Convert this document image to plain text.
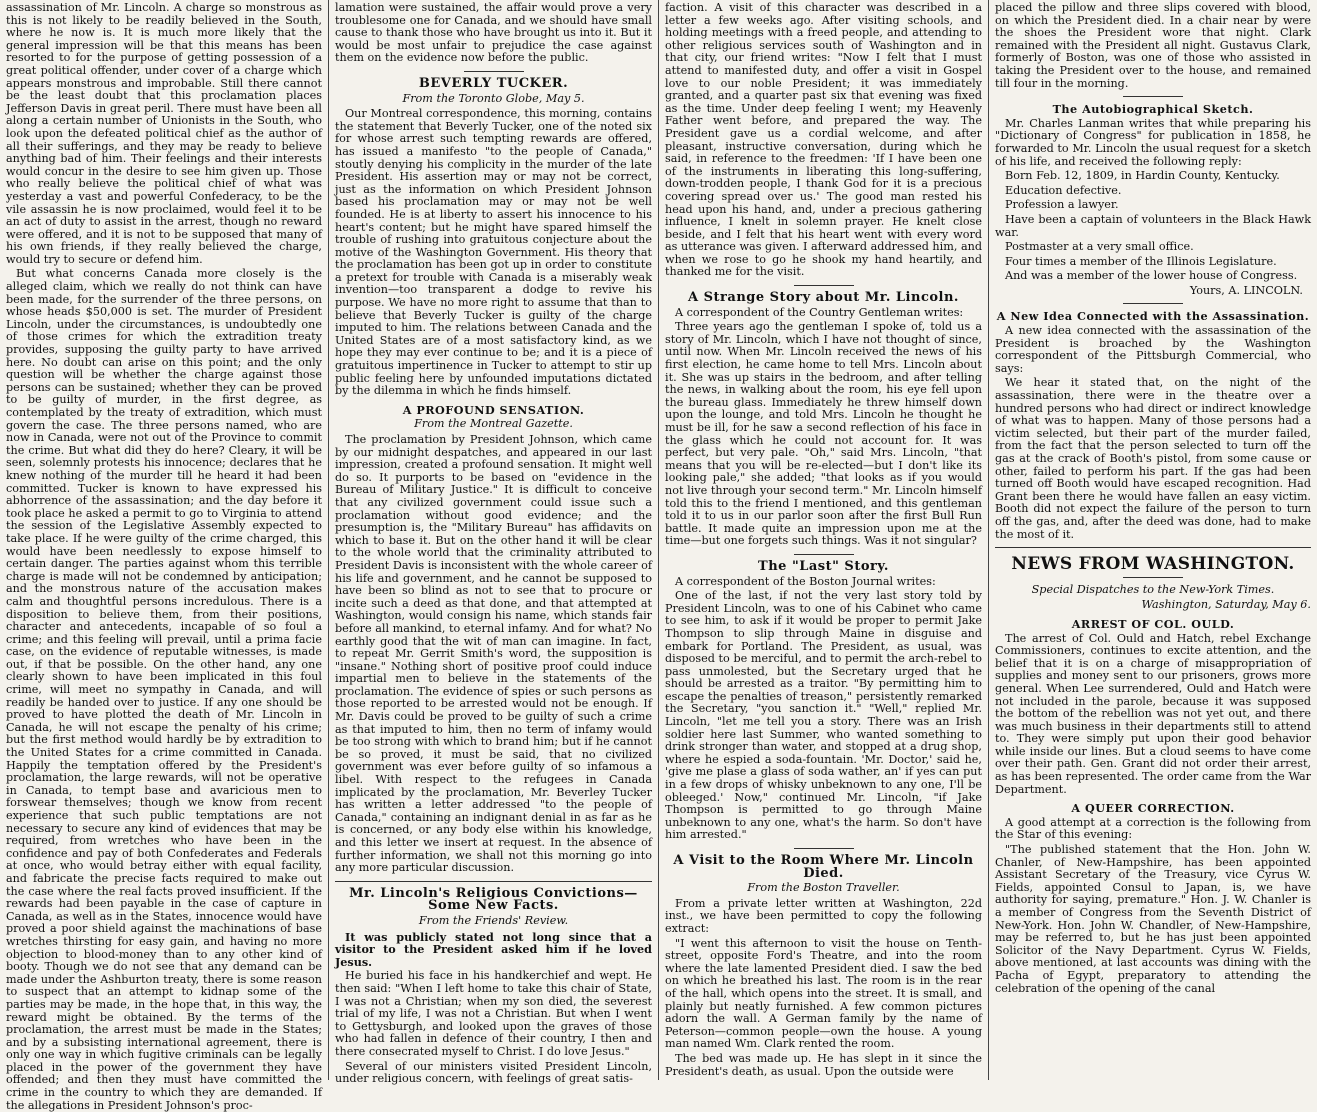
assassination of Mr. Lincoln. A charge so monstrous as this is not likely to be readily believed in the South, where he now is. It is much more likely that the general impression will be that this means has been resorted to for the purpose of getting possession of a great political offender, under cover of a charge which appears monstrous and improbable. Still there cannot be the least doubt that this proclamation places Jefferson Davis in great peril. There must have been all along a certain number of Unionists in the South, who look upon the defeated political chief as the author of all their sufferings, and they may be ready to believe anything bad of him. Their feelings and their interests would concur in the desire to see him given up. Those who really believe the political chief of what was yesterday a vast and powerful Confederacy, to be the vile assassin he is now proclaimed, would feel it to be an act of duty to assist in the arrest, though no reward were offered, and it is not to be supposed that many of his own friends, if they really believed the charge, would try to secure or defend him.

But what concerns Canada more closely is the alleged claim, which we really do not think can have been made, for the surrender of the three persons, on whose heads $50,000 is set. The murder of President Lincoln, under the circumstances, is undoubtedly one of those crimes for which the extradition treaty provides, supposing the guilty party to have arrived here. No doubt can arise on this point; and the only question will be whether the charge against those persons can be sustained; whether they can be proved to be guilty of murder, in the first degree, as contemplated by the treaty of extradition, which must govern the case. The three persons named, who are now in Canada, were not out of the Province to commit the crime. But what did they do here? Cleary, it will be seen, solemnly protests his innocence; declares that he knew nothing of the murder till he heard it had been committed. Tucker is known to have expressed his abhorrence of the assassination; and the day before it took place he asked a permit to go to Virginia to attend the session of the Legislative Assembly expected to take place. If he were guilty of the crime charged, this would have been needlessly to expose himself to certain danger. The parties against whom this terrible charge is made will not be condemned by anticipation; and the monstrous nature of the accusation makes calm and thoughtful persons incredulous. There is a disposition to believe them, from their positions, character and antecedents, incapable of so foul a crime; and this feeling will prevail, until a prima facie case, on the evidence of reputable witnesses, is made out, if that be possible. On the other hand, any one clearly shown to have been implicated in this foul crime, will meet no sympathy in Canada, and will readily be handed over to justice. If any one should be proved to have plotted the death of Mr. Lincoln in Canada, he will not escape the penalty of his crime; but the first method would hardly be by extradition to the United States for a crime committed in Canada. Happily the temptation offered by the President's proclamation, the large rewards, will not be operative in Canada, to tempt base and avaricious men to forswear themselves; though we know from recent experience that such public temptations are not necessary to secure any kind of evidences that may be required, from wretches who have been in the confidence and pay of both Confederates and Federals at once, who would betray either with equal facility, and fabricate the precise facts required to make out the case where the real facts proved insufficient. If the rewards had been payable in the case of capture in Canada, as well as in the States, innocence would have proved a poor shield against the machinations of base wretches thirsting for easy gain, and having no more objection to blood-money than to any other kind of booty. Though we do not see that any demand can be made under the Ashburton treaty, there is some reason to suspect that an attempt to kidnap some of the parties may be made, in the hope that, in this way, the reward might be obtained. By the terms of the proclamation, the arrest must be made in the States; and by a subsisting international agreement, there is only one way in which fugitive criminals can be legally placed in the power of the government they have offended; and then they must have committed the crime in the country to which they are demanded. If the allegations in President Johnson's proc-

lamation were sustained, the affair would prove a very troublesome one for Canada, and we should have small cause to thank those who have brought us into it. But it would be most unfair to prejudice the case against them on the evidence now before the public.

BEVERLY TUCKER.
From the Toronto Globe, May 5.

Our Montreal correspondence, this morning, contains the statement that Beverly Tucker, one of the noted six for whose arrest such tempting rewards are offered, has issued a manifesto "to the people of Canada," stoutly denying his complicity in the murder of the late President. His assertion may or may not be correct, just as the information on which President Johnson based his proclamation may or may not be well founded. He is at liberty to assert his innocence to his heart's content; but he might have spared himself the trouble of rushing into gratuitous conjecture about the motive of the Washington Government. His theory that the proclamation has been got up in order to constitute a pretext for trouble with Canada is a miserably weak invention—too transparent a dodge to revive his purpose. We have no more right to assume that than to believe that Beverly Tucker is guilty of the charge imputed to him. The relations between Canada and the United States are of a most satisfactory kind, as we hope they may ever continue to be; and it is a piece of gratuitous impertinence in Tucker to attempt to stir up public feeling here by unfounded imputations dictated by the dilemma in which he finds himself.

A PROFOUND SENSATION.
From the Montreal Gazette.

The proclamation by President Johnson, which came by our midnight despatches, and appeared in our last impression, created a profound sensation. It might well do so. It purports to be based on "evidence in the Bureau of Military Justice." It is difficult to conceive that any civilized government could issue such a proclamation without good evidence; and the presumption is, the "Military Bureau" has affidavits on which to base it. But on the other hand it will be clear to the whole world that the criminality attributed to President Davis is inconsistent with the whole career of his life and government, and he cannot be supposed to have been so blind as not to see that to procure or incite such a deed as that done, and that attempted at Washington, would consign his name, which stands fair before all mankind, to eternal infamy. And for what? No earthly good that the wit of man can imagine. In fact, to repeat Mr. Gerrit Smith's word, the supposition is "insane." Nothing short of positive proof could induce impartial men to believe in the statements of the proclamation. The evidence of spies or such persons as those reported to be arrested would not be enough. If Mr. Davis could be proved to be guilty of such a crime as that imputed to him, then no term of infamy would be too strong with which to brand him; but if he cannot be so proved, it must be said, that no civilized government was ever before guilty of so infamous a libel. With respect to the refugees in Canada implicated by the proclamation, Mr. Beverley Tucker has written a letter addressed "to the people of Canada," containing an indignant denial in as far as he is concerned, or any body else within his knowledge, and this letter we insert at request. In the absence of further information, we shall not this morning go into any more particular discussion.

Mr. Lincoln's Religious Convictions—Some New Facts.
From the Friends' Review.

It was publicly stated not long since that a visitor to the President asked him if he loved Jesus.

He buried his face in his handkerchief and wept. He then said: "When I left home to take this chair of State, I was not a Christian; when my son died, the severest trial of my life, I was not a Christian. But when I went to Gettysburgh, and looked upon the graves of those who had fallen in defence of their country, I then and there consecrated myself to Christ. I do love Jesus."

Several of our ministers visited President Lincoln, under religious concern, with feelings of great satis-

faction. A visit of this character was described in a letter a few weeks ago. After visiting schools, and holding meetings with a freed people, and attending to other religious services south of Washington and in that city, our friend writes: "Now I felt that I must attend to manifested duty, and offer a visit in Gospel love to our noble President; it was immediately granted, and a quarter past six that evening was fixed as the time. Under deep feeling I went; my Heavenly Father went before, and prepared the way. The President gave us a cordial welcome, and after pleasant, instructive conversation, during which he said, in reference to the freedmen: 'If I have been one of the instruments in liberating this long-suffering, down-trodden people, I thank God for it is a precious covering spread over us.' The good man rested his head upon his hand, and, under a precious gathering influence, I knelt in solemn prayer. He knelt close beside, and I felt that his heart went with every word as utterance was given. I afterward addressed him, and when we rose to go he shook my hand heartily, and thanked me for the visit.

A Strange Story about Mr. Lincoln.

A correspondent of the Country Gentleman writes:

Three years ago the gentleman I spoke of, told us a story of Mr. Lincoln, which I have not thought of since, until now. When Mr. Lincoln received the news of his first election, he came home to tell Mrs. Lincoln about it. She was up stairs in the bedroom, and after telling the news, in walking about the room, his eye fell upon the bureau glass. Immediately he threw himself down upon the lounge, and told Mrs. Lincoln he thought he must be ill, for he saw a second reflection of his face in the glass which he could not account for. It was perfect, but very pale. "Oh," said Mrs. Lincoln, "that means that you will be re-elected—but I don't like its looking pale," she added; "that looks as if you would not live through your second term." Mr. Lincoln himself told this to the friend I mentioned, and this gentleman told it to us in our parlor soon after the first Bull Run battle. It made quite an impression upon me at the time—but one forgets such things. Was it not singular?

The "Last" Story.

A correspondent of the Boston Journal writes:

One of the last, if not the very last story told by President Lincoln, was to one of his Cabinet who came to see him, to ask if it would be proper to permit Jake Thompson to slip through Maine in disguise and embark for Portland. The President, as usual, was disposed to be merciful, and to permit the arch-rebel to pass unmolested, but the Secretary urged that he should be arrested as a traitor. "By permitting him to escape the penalties of treason," persistently remarked the Secretary, "you sanction it." "Well," replied Mr. Lincoln, "let me tell you a story. There was an Irish soldier here last Summer, who wanted something to drink stronger than water, and stopped at a drug shop, where he espied a soda-fountain. 'Mr. Doctor,' said he, 'give me plase a glass of soda wather, an' if yes can put in a few drops of whisky unbeknown to any one, I'll be obleeged.' Now," continued Mr. Lincoln, "if Jake Thompson is permitted to go through Maine unbeknown to any one, what's the harm. So don't have him arrested."

A Visit to the Room Where Mr. Lincoln Died.
From the Boston Traveller.

From a private letter written at Washington, 22d inst., we have been permitted to copy the following extract:

"I went this afternoon to visit the house on Tenth-street, opposite Ford's Theatre, and into the room where the late lamented President died. I saw the bed on which he breathed his last. The room is in the rear of the hall, which opens into the street. It is small, and plainly but neatly furnished. A few common pictures adorn the wall. A German family by the name of Peterson—common people—own the house. A young man named Wm. Clark rented the room.

The bed was made up. He has slept in it since the President's death, as usual. Upon the outside were

placed the pillow and three slips covered with blood, on which the President died. In a chair near by were the shoes the President wore that night. Clark remained with the President all night. Gustavus Clark, formerly of Boston, was one of those who assisted in taking the President over to the house, and remained till four in the morning.

The Autobiographical Sketch.

Mr. Charles Lanman writes that while preparing his "Dictionary of Congress" for publication in 1858, he forwarded to Mr. Lincoln the usual request for a sketch of his life, and received the following reply:

Born Feb. 12, 1809, in Hardin County, Kentucky.

Education defective.

Profession a lawyer.

Have been a captain of volunteers in the Black Hawk war.

Postmaster at a very small office.

Four times a member of the Illinois Legislature.

And was a member of the lower house of Congress.

Yours, A. LINCOLN.
A New Idea Connected with the Assassination.

A new idea connected with the assassination of the President is broached by the Washington correspondent of the Pittsburgh Commercial, who says:

We hear it stated that, on the night of the assassination, there were in the theatre over a hundred persons who had direct or indirect knowledge of what was to happen. Many of those persons had a victim selected, but their part of the murder failed, from the fact that the person selected to turn off the gas at the crack of Booth's pistol, from some cause or other, failed to perform his part. If the gas had been turned off Booth would have escaped recognition. Had Grant been there he would have fallen an easy victim. Booth did not expect the failure of the person to turn off the gas, and, after the deed was done, had to make the most of it.

NEWS FROM WASHINGTON.
Special Dispatches to the New-York Times.
Washington, Saturday, May 6.
ARREST OF COL. OULD.

The arrest of Col. Ould and Hatch, rebel Exchange Commissioners, continues to excite attention, and the belief that it is on a charge of misappropriation of supplies and money sent to our prisoners, grows more general. When Lee surrendered, Ould and Hatch were not included in the parole, because it was supposed the bottom of the rebellion was not yet out, and there was much business in their departments still to attend to. They were simply put upon their good behavior while inside our lines. But a cloud seems to have come over their path. Gen. Grant did not order their arrest, as has been represented. The order came from the War Department.

A QUEER CORRECTION.

A good attempt at a correction is the following from the Star of this evening:

"The published statement that the Hon. John W. Chanler, of New-Hampshire, has been appointed Assistant Secretary of the Treasury, vice Cyrus W. Fields, appointed Consul to Japan, is, we have authority for saying, premature." Hon. J. W. Chanler is a member of Congress from the Seventh District of New-York. Hon. John W. Chandler, of New-Hampshire, may be referred to, but he has just been appointed Solicitor of the Navy Department. Cyrus W. Fields, above mentioned, at last accounts was dining with the Pacha of Egypt, preparatory to attending the celebration of the opening of the canal
